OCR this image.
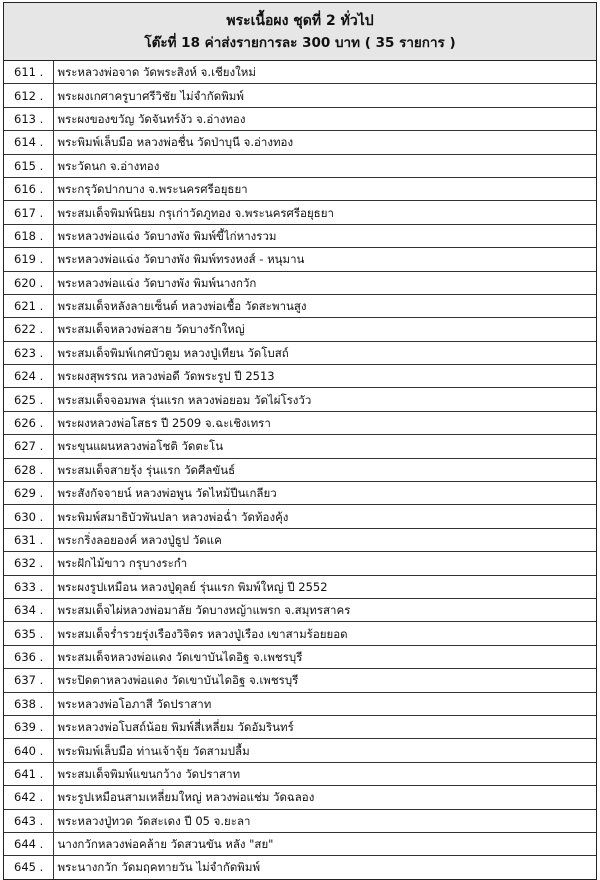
พระเนื้อผง ชุดที่ 2 ทั่วไป
โต๊ะที่ 18 ค่าส่งรายการละ 300 บาท ( 35 รายการ )
611 .	พระหลวงพ่อจาด วัดพระสิงห์ จ.เชียงใหม่
612 .	พระผงเกศาครูบาศรีวิชัย ไม่จำกัดพิมพ์
613 .	พระผงของขวัญ วัดจันทร์งัว จ.อ่างทอง
614 .	พระพิมพ์เล็บมือ หลวงพ่อชื่น วัดป่าบุนี จ.อ่างทอง
615 .	พระวัดนก จ.อ่างทอง
616 .	พระกรุวัดปากบาง จ.พระนครศรีอยุธยา
617 .	พระสมเด็จพิมพ์นิยม กรุเก่าวัดภูทอง จ.พระนครศรีอยุธยา
618 .	พระหลวงพ่อแฉ่ง วัดบางพัง พิมพ์ขี้ไก่หางรวม
619 .	พระหลวงพ่อแฉ่ง วัดบางพัง พิมพ์ทรงหงส์ - หนุมาน
620 .	พระหลวงพ่อแฉ่ง วัดบางพัง พิมพ์นางกวัก
621 .	พระสมเด็จหลังลายเซ็นต์ หลวงพ่อเชื้อ วัดสะพานสูง
622 .	พระสมเด็จหลวงพ่อสาย วัดบางรักใหญ่
623 .	พระสมเด็จพิมพ์เกศบัวตูม หลวงปู่เทียน วัดโบสถ์
624 .	พระผงสุพรรณ หลวงพ่อดี วัดพระรูป ปี 2513
625 .	พระสมเด็จจอมพล รุ่นแรก หลวงพ่อยอม วัดไผ่โรงวัว
626 .	พระผงหลวงพ่อโสธร ปี 2509 จ.ฉะเชิงเทรา
627 .	พระขุนแผนหลวงพ่อโชติ วัดตะโน
628 .	พระสมเด็จสายรุ้ง รุ่นแรก วัดศีลขันธ์
629 .	พระสังกัจจายน์ หลวงพ่อพูน วัดไหม้ปีนเกลียว
630 .	พระพิมพ์สมาธิบัวพันปลา หลวงพ่อฉ่ำ วัดท้องคุ้ง
631 .	พระกริ่งลอยองค์ หลวงปู่ธูป วัดแค
632 .	พระฝักไม้ขาว กรุบางระกำ
633 .	พระผงรูปเหมือน หลวงปู่ดุลย์ รุ่นแรก พิมพ์ใหญ่ ปี 2552
634 .	พระสมเด็จไผ่หลวงพ่อมาลัย วัดบางหญ้าแพรก จ.สมุทรสาคร
635 .	พระสมเด็จร่ำรวยรุ่งเรืองวิจิตร หลวงปู่เรือง เขาสามร้อยยอด
636 .	พระสมเด็จหลวงพ่อแดง วัดเขาบันไดอิฐ จ.เพชรบุรี
637 .	พระปิดตาหลวงพ่อแดง วัดเขาบันไดอิฐ จ.เพชรบุรี
638 .	พระหลวงพ่อโอภาสี วัดปราสาท
639 .	พระหลวงพ่อโบสถ์น้อย พิมพ์สี่เหลี่ยม วัดอัมรินทร์
640 .	พระพิมพ์เล็บมือ ท่านเจ้าจุ้ย วัดสามปลื้ม
641 .	พระสมเด็จพิมพ์แขนกว้าง วัดปราสาท
642 .	พระรูปเหมือนสามเหลี่ยมใหญ่ หลวงพ่อแช่ม วัดฉลอง
643 .	พระหลวงปู่ทวด วัดสะเดง ปี 05 จ.ยะลา
644 .	นางกวักหลวงพ่อคล้าย วัดสวนขัน หลัง "สย"
645 .	พระนางกวัก วัดมฤคทายวัน ไม่จำกัดพิมพ์
